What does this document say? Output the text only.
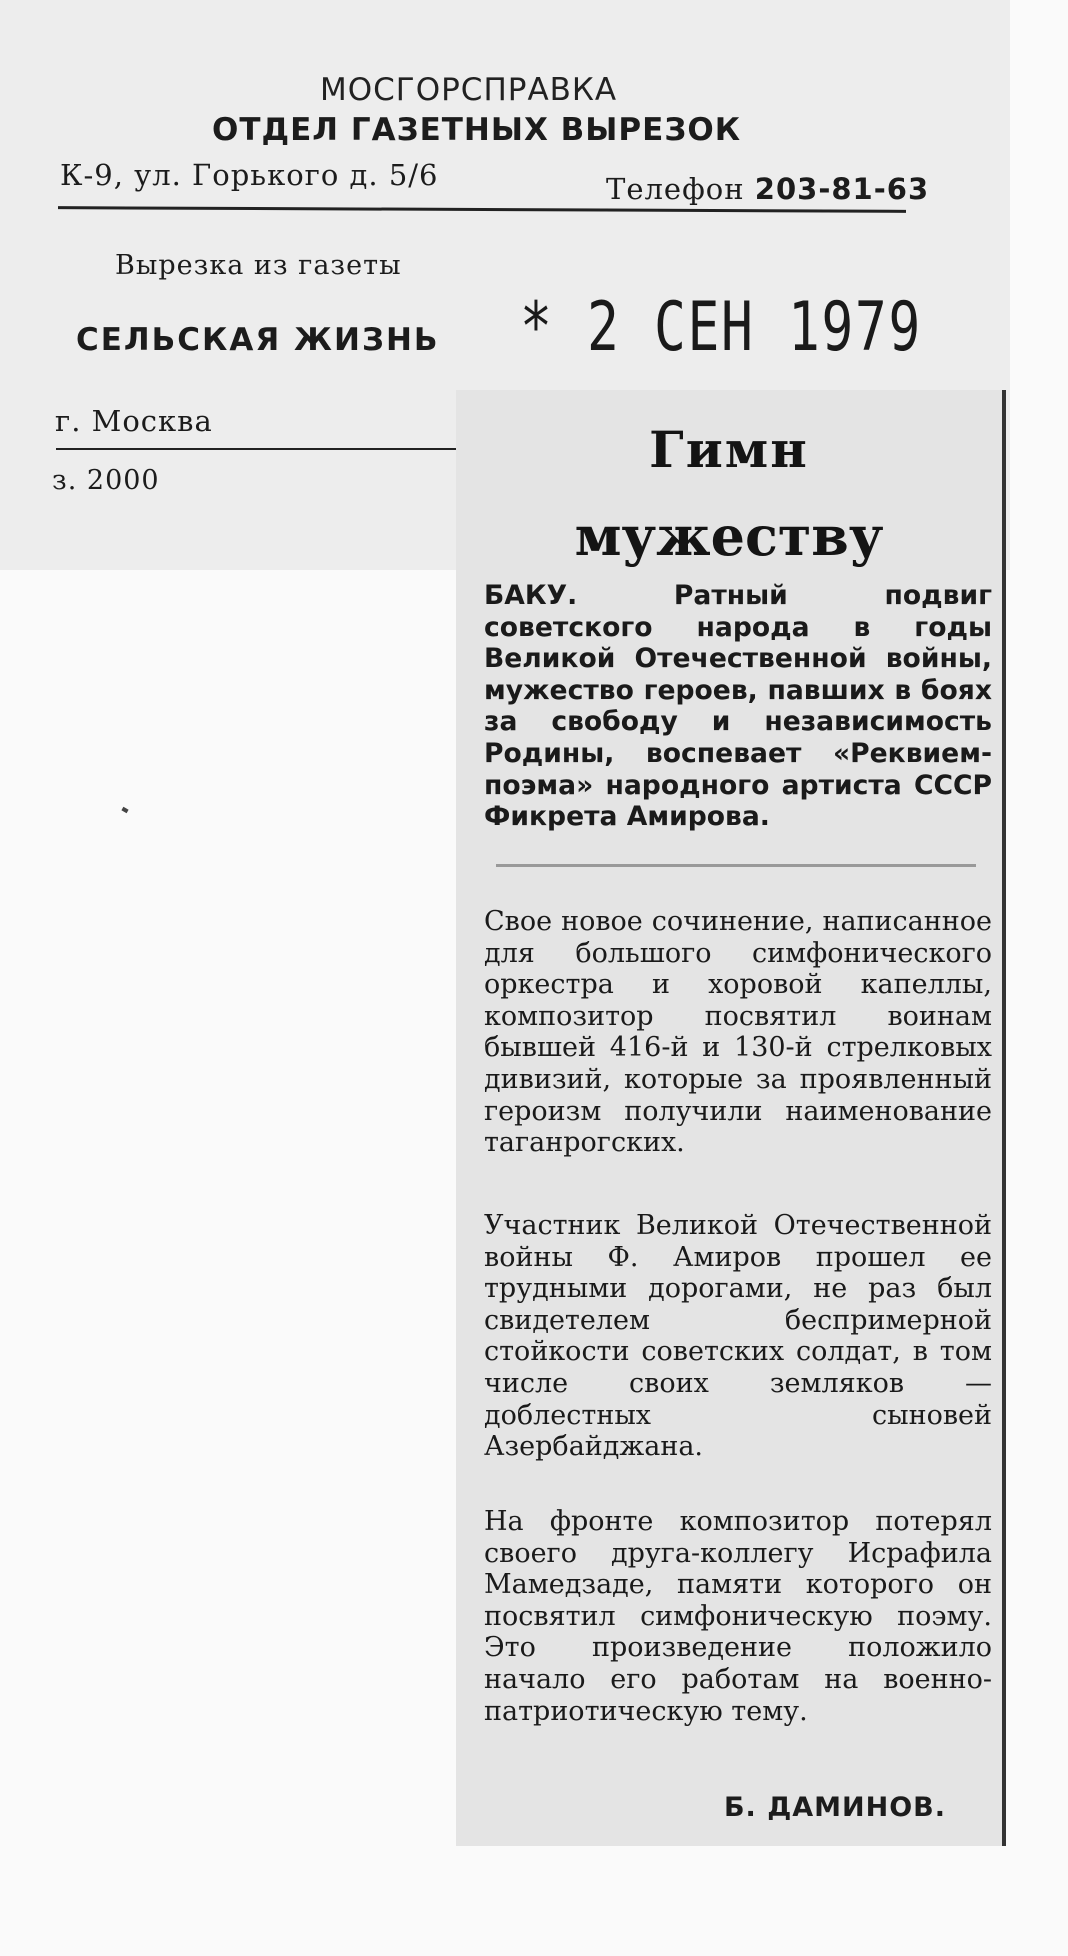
МОСГОРСПРАВКА
ОТДЕЛ ГАЗЕТНЫХ ВЫРЕЗОК
К-9, ул. Горького д. 5/6	Телефон 203-81-63
Вырезка из газеты
СЕЛЬСКАЯ ЖИЗНЬ
г. Москва
з. 2000
* 2 СЕН 1979
Гимн
мужеству

БАКУ. Ратный подвиг советского народа в годы Великой Отечественной войны, мужество героев, павших в боях за свободу и независимость Родины, воспевает «Реквием-поэма» народного артиста СССР Фикрета Амирова.

Свое новое сочинение, написанное для большого симфонического оркестра и хоровой капеллы, композитор посвятил воинам бывшей 416-й и 130-й стрелковых дивизий, которые за проявленный героизм получили наименование таганрогских.

Участник Великой Отечественной войны Ф. Амиров прошел ее трудными дорогами, не раз был свидетелем беспримерной стойкости советских солдат, в том числе своих земляков — доблестных сыновей Азербайджана.

На фронте композитор потерял своего друга-коллегу Исрафила Мамедзаде, памяти которого он посвятил симфоническую поэму. Это произведение положило начало его работам на военно-патриотическую тему.

Б. ДАМИНОВ.
